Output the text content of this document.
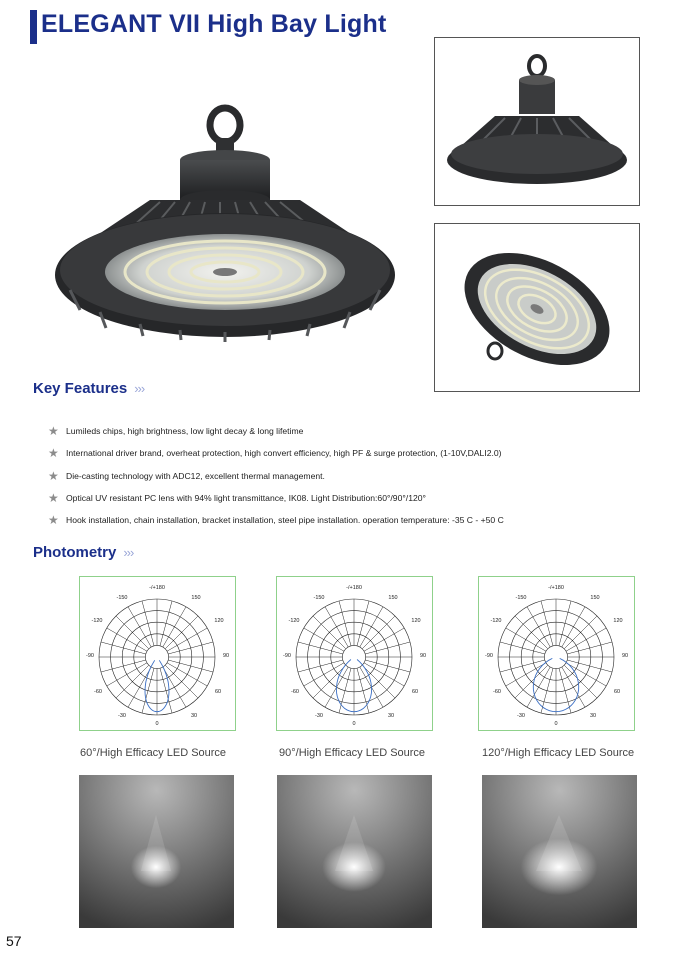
ELEGANT VII High Bay Light
Key Features ›››
★ Lumileds chips, high brightness, low light decay & long lifetime
★ International driver brand, overheat protection, high convert efficiency, high PF & surge protection, (1-10V,DALI2.0)
★ Die-casting technology with ADC12, excellent thermal management.
★ Optical UV resistant PC lens with 94% light transmittance, IK08. Light Distribution:60°/90°/120°
★ Hook installation, chain installation, bracket installation, steel pipe installation. operation temperature: -35 C - +50 C
Photometry ›››
-/+180
-150	150
-120	120
-90	90
-60	60
-30	30
0
-/+180
-150	150
-120	120
-90	90
-60	60
-30	30
0
-/+180
-150	150
-120	120
-90	90
-60	60
-30	30
0
60°/High Efficacy LED Source	90°/High Efficacy LED Source	120°/High Efficacy LED Source
57
